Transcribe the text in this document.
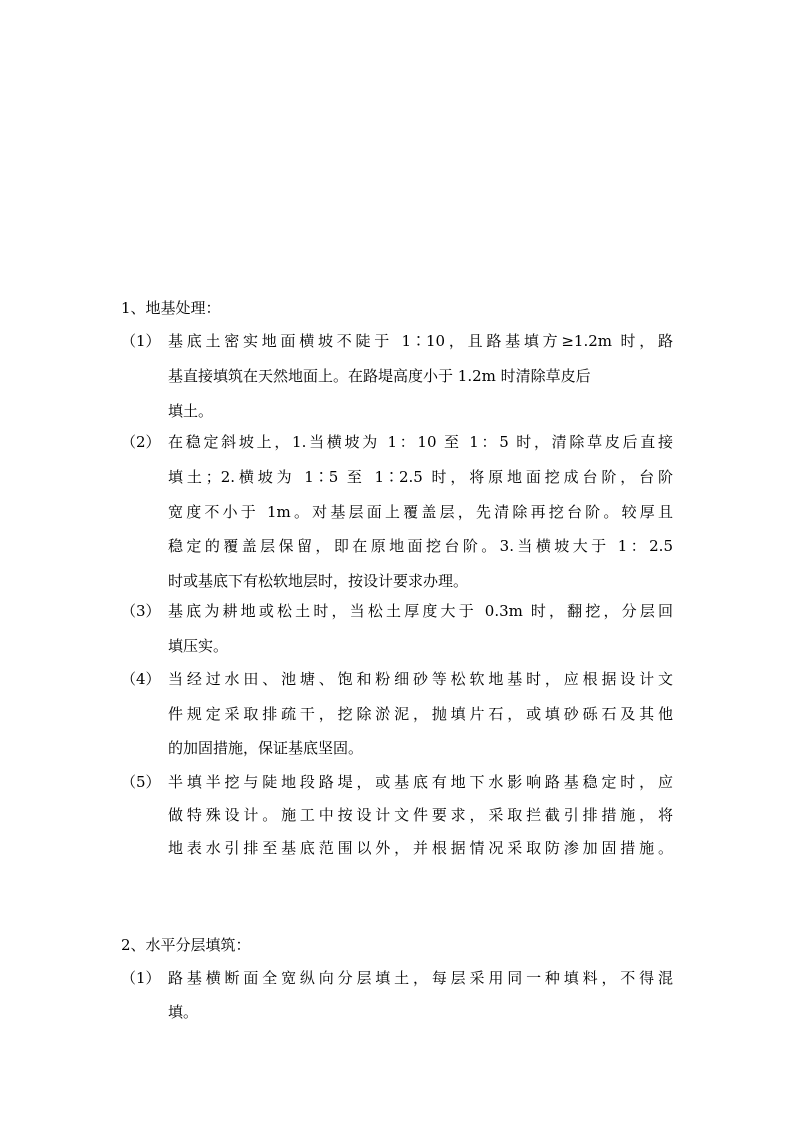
1、地基处理：
（1） 基底土密实地面横坡不陡于 1∶10，且路基填方≥1.2m 时，路
基直接填筑在天然地面上。在路堤高度小于 1.2m 时清除草皮后
填土。
（2） 在稳定斜坡上，1.当横坡为 1：10 至 1：5 时，清除草皮后直接
填土；2.横坡为 1∶5 至 1∶2.5 时，将原地面挖成台阶，台阶
宽度不小于 1m。对基层面上覆盖层，先清除再挖台阶。较厚且
稳定的覆盖层保留，即在原地面挖台阶。3.当横坡大于 1：2.5
时或基底下有松软地层时，按设计要求办理。
（3） 基底为耕地或松土时，当松土厚度大于 0.3m 时，翻挖，分层回
填压实。
（4） 当经过水田、池塘、饱和粉细砂等松软地基时，应根据设计文
件规定采取排疏干，挖除淤泥，抛填片石，或填砂砾石及其他
的加固措施，保证基底坚固。
（5） 半填半挖与陡地段路堤，或基底有地下水影响路基稳定时，应
做特殊设计。施工中按设计文件要求，采取拦截引排措施，将
地表水引排至基底范围以外，并根据情况采取防渗加固措施。
2、水平分层填筑：
（1） 路基横断面全宽纵向分层填土，每层采用同一种填料，不得混
填。
